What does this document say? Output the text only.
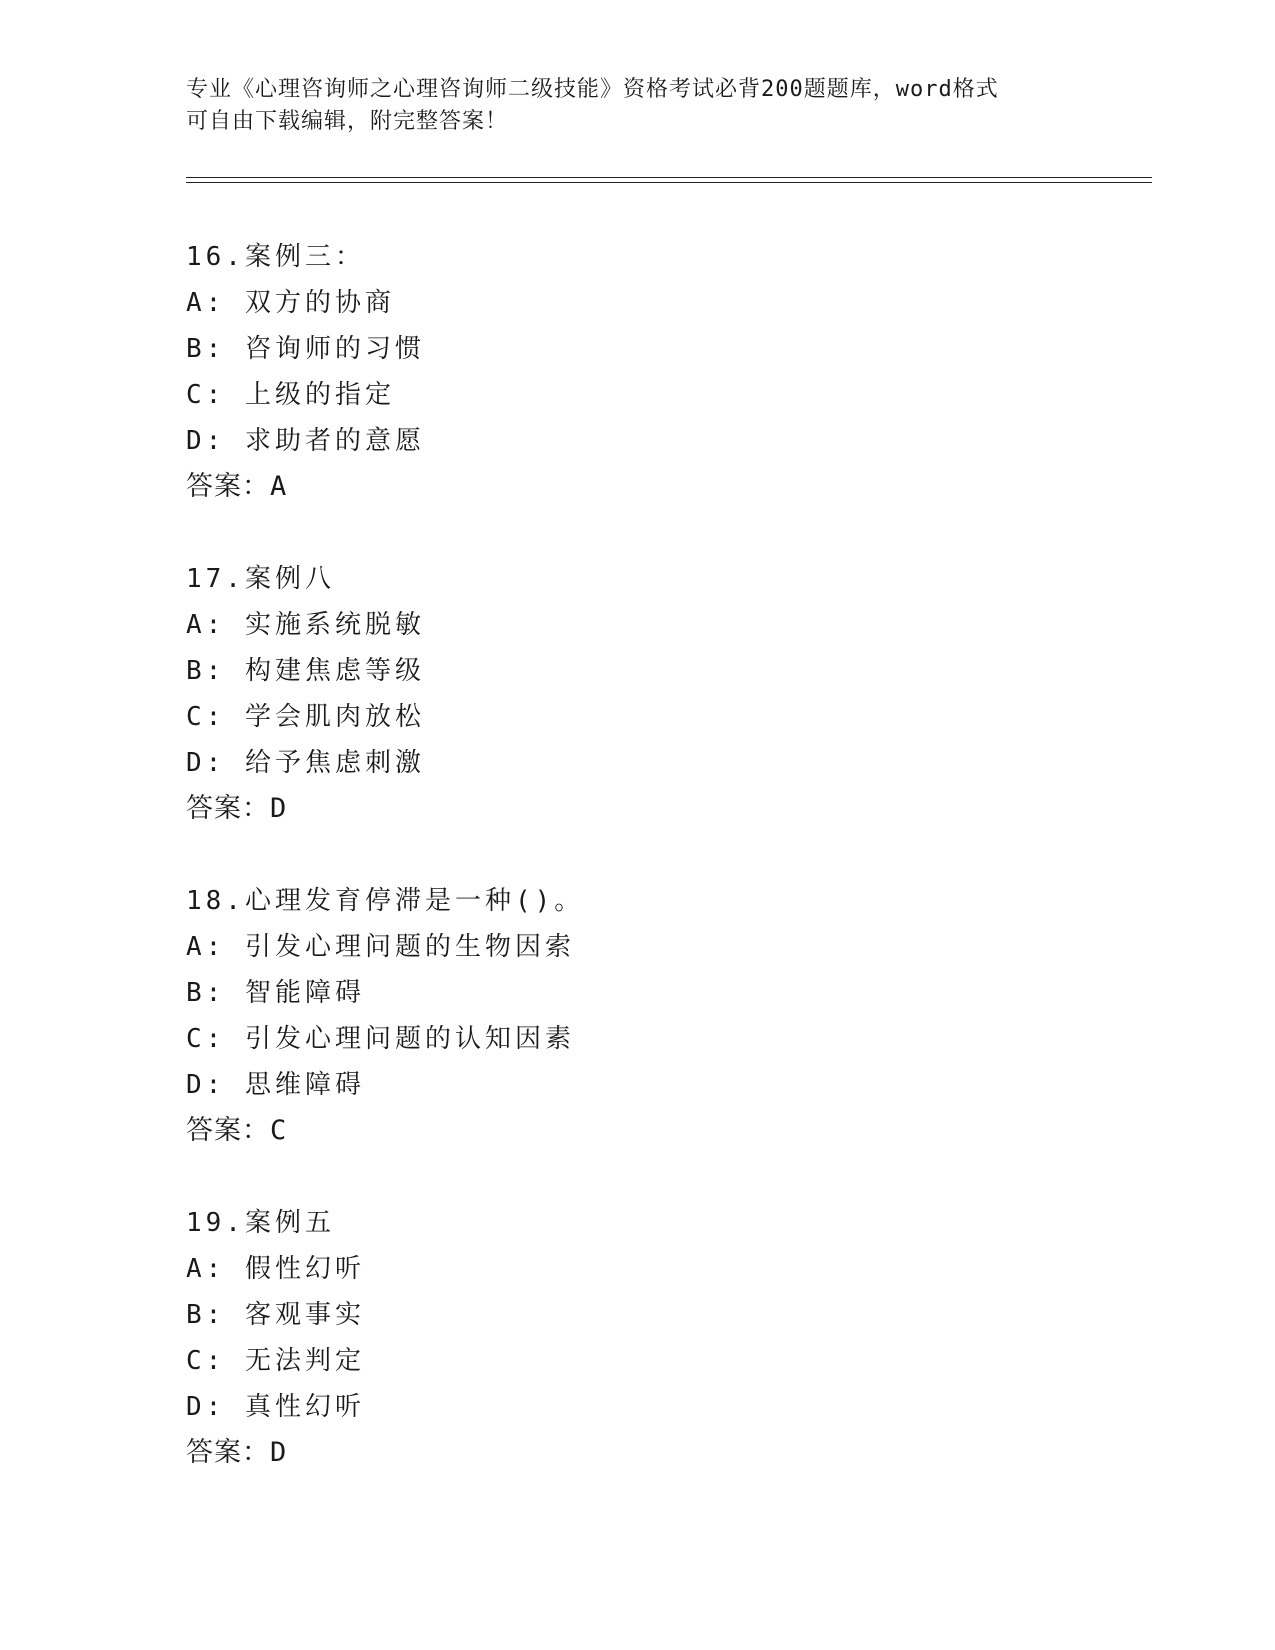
专业《心理咨询师之心理咨询师二级技能》资格考试必背200题题库，word格式
可自由下载编辑，附完整答案！
16.案例三：
A: 双方的协商
B: 咨询师的习惯
C: 上级的指定
D: 求助者的意愿
答案：A
17.案例八
A: 实施系统脱敏
B: 构建焦虑等级
C: 学会肌肉放松
D: 给予焦虑刺激
答案：D
18.心理发育停滞是一种()。
A: 引发心理问题的生物因索
B: 智能障碍
C: 引发心理问题的认知因素
D: 思维障碍
答案：C
19.案例五
A: 假性幻听
B: 客观事实
C: 无法判定
D: 真性幻听
答案：D
